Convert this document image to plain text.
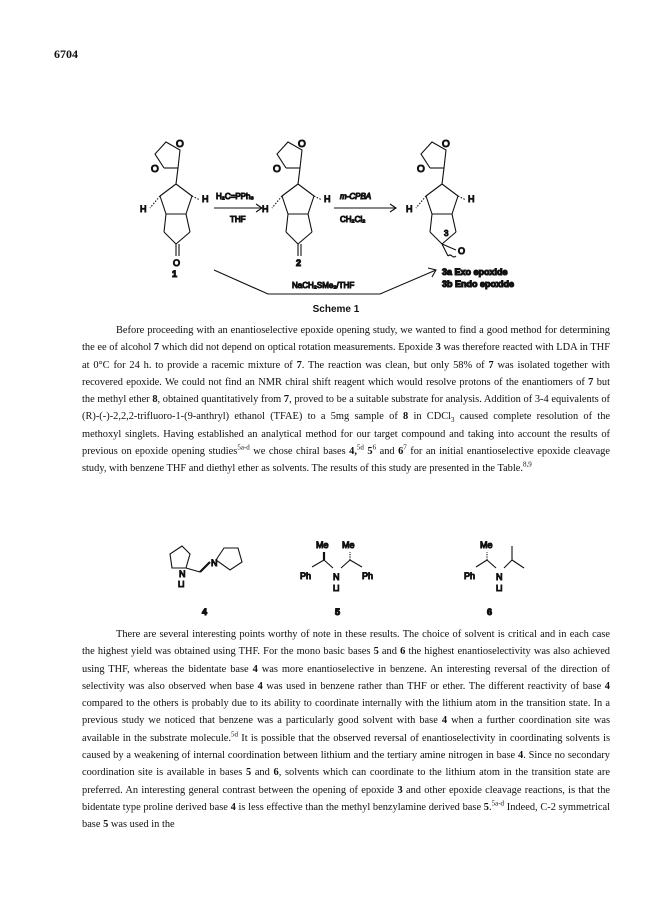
6704
O
O
H
H
O
O
O
H
H
O
O
H
H
O
3
H₂C=PPh₃
THF
m-CPBA
CH₂Cl₂
NaCH₂SMe₂/THF
1
2
3a Exo epoxide
3b Endo epoxide
N
Li
N
4
Ph N	Ph
Me Me
Li
5
Ph N
Me
Li
6
Scheme 1

Before proceeding with an enantioselective epoxide opening study, we wanted to find a good method for determining the ee of alcohol 7 which did not depend on optical rotation measurements. Epoxide 3 was therefore reacted with LDA in THF at 0°C for 24 h. to provide a racemic mixture of 7. The reaction was clean, but only 58% of 7 was isolated together with recovered epoxide. We could not find an NMR chiral shift reagent which would resolve protons of the enantiomers of 7 but the methyl ether 8, obtained quantitatively from 7, proved to be a suitable substrate for analysis. Addition of 3-4 equivalents of (R)-(-)-2,2,2-trifluoro-1-(9-anthryl) ethanol (TFAE) to a 5mg sample of 8 in CDCl$_3$ caused complete resolution of the methoxyl singlets. Having established an analytical method for our target compound and taking into account the results of previous on epoxide opening studies$^{5a-d}$ we chose chiral bases 4,$^{5d}$ $5^6$ and $6^7$ for an initial enantioselective epoxide cleavage study, with benzene THF and diethyl ether as solvents. The results of this study are presented in the Table.$^{8,9}$

There are several interesting points worthy of note in these results. The choice of solvent is critical and in each case the highest yield was obtained using THF. For the mono basic bases 5 and 6 the highest enantioselectivity was also achieved using THF, whereas the bidentate base 4 was more enantioselective in benzene. An interesting reversal of the direction of selectivity was also observed when base 4 was used in benzene rather than THF or ether. The different reactivity of base 4 compared to the others is probably due to its ability to coordinate internally with the lithium atom in the transition state. In a previous study we noticed that benzene was a particularly good solvent with base 4 when a further coordination site was available in the substrate molecule.$^{5d}$ It is possible that the observed reversal of enantioselectivity in coordinating solvents is caused by a weakening of internal coordination between lithium and the tertiary amine nitrogen in base 4. Since no secondary coordination site is available in bases 5 and 6, solvents which can coordinate to the lithium atom in the transition state are preferred. An interesting general contrast between the opening of epoxide 3 and other epoxide cleavage reactions, is that the bidentate type proline derived base 4 is less effective than the methyl benzylamine derived base 5.$^{5a-d}$ Indeed, C-2 symmetrical base 5 was used in the
